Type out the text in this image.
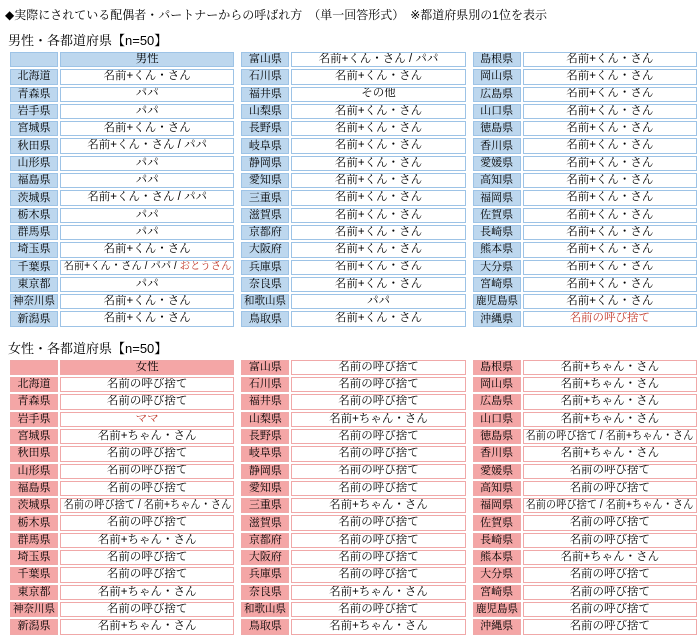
◆実際にされている配偶者・パートナーからの呼ばれ方　（単一回答形式）　※都道府県別の1位を表示
男性・各都道府県【n=50】
男性
北海道	名前+くん・さん
青森県	パパ
岩手県	パパ
宮城県	名前+くん・さん
秋田県	名前+くん・さん / パパ
山形県	パパ
福島県	パパ
茨城県	名前+くん・さん / パパ
栃木県	パパ
群馬県	パパ
埼玉県	名前+くん・さん
千葉県 名前+くん・さん / パパ / おとうさん
東京都	パパ
神奈川県	名前+くん・さん
新潟県	名前+くん・さん
富山県	名前+くん・さん / パパ
石川県	名前+くん・さん
福井県	その他
山梨県	名前+くん・さん
長野県	名前+くん・さん
岐阜県	名前+くん・さん
静岡県	名前+くん・さん
愛知県	名前+くん・さん
三重県	名前+くん・さん
滋賀県	名前+くん・さん
京都府	名前+くん・さん
大阪府	名前+くん・さん
兵庫県	名前+くん・さん
奈良県	名前+くん・さん
和歌山県	パパ
鳥取県	名前+くん・さん
島根県	名前+くん・さん
岡山県	名前+くん・さん
広島県	名前+くん・さん
山口県	名前+くん・さん
徳島県	名前+くん・さん
香川県	名前+くん・さん
愛媛県	名前+くん・さん
高知県	名前+くん・さん
福岡県	名前+くん・さん
佐賀県	名前+くん・さん
長崎県	名前+くん・さん
熊本県	名前+くん・さん
大分県	名前+くん・さん
宮崎県	名前+くん・さん
鹿児島県	名前+くん・さん
沖縄県	名前の呼び捨て
女性・各都道府県【n=50】
女性
北海道	名前の呼び捨て
青森県	名前の呼び捨て
岩手県	ママ
宮城県	名前+ちゃん・さん
秋田県	名前の呼び捨て
山形県	名前の呼び捨て
福島県	名前の呼び捨て
茨城県 名前の呼び捨て / 名前+ちゃん・さん
栃木県	名前の呼び捨て
群馬県	名前+ちゃん・さん
埼玉県	名前の呼び捨て
千葉県	名前の呼び捨て
東京都	名前+ちゃん・さん
神奈川県	名前の呼び捨て
新潟県	名前+ちゃん・さん
富山県	名前の呼び捨て
石川県	名前の呼び捨て
福井県	名前の呼び捨て
山梨県	名前+ちゃん・さん
長野県	名前の呼び捨て
岐阜県	名前の呼び捨て
静岡県	名前の呼び捨て
愛知県	名前の呼び捨て
三重県	名前+ちゃん・さん
滋賀県	名前の呼び捨て
京都府	名前の呼び捨て
大阪府	名前の呼び捨て
兵庫県	名前の呼び捨て
奈良県	名前+ちゃん・さん
和歌山県	名前の呼び捨て
鳥取県	名前+ちゃん・さん
島根県	名前+ちゃん・さん
岡山県	名前+ちゃん・さん
広島県	名前+ちゃん・さん
山口県	名前+ちゃん・さん
徳島県 名前の呼び捨て / 名前+ちゃん・さん
香川県	名前+ちゃん・さん
愛媛県	名前の呼び捨て
高知県	名前の呼び捨て
福岡県 名前の呼び捨て / 名前+ちゃん・さん
佐賀県	名前の呼び捨て
長崎県	名前の呼び捨て
熊本県	名前+ちゃん・さん
大分県	名前の呼び捨て
宮崎県	名前の呼び捨て
鹿児島県	名前の呼び捨て
沖縄県	名前の呼び捨て
